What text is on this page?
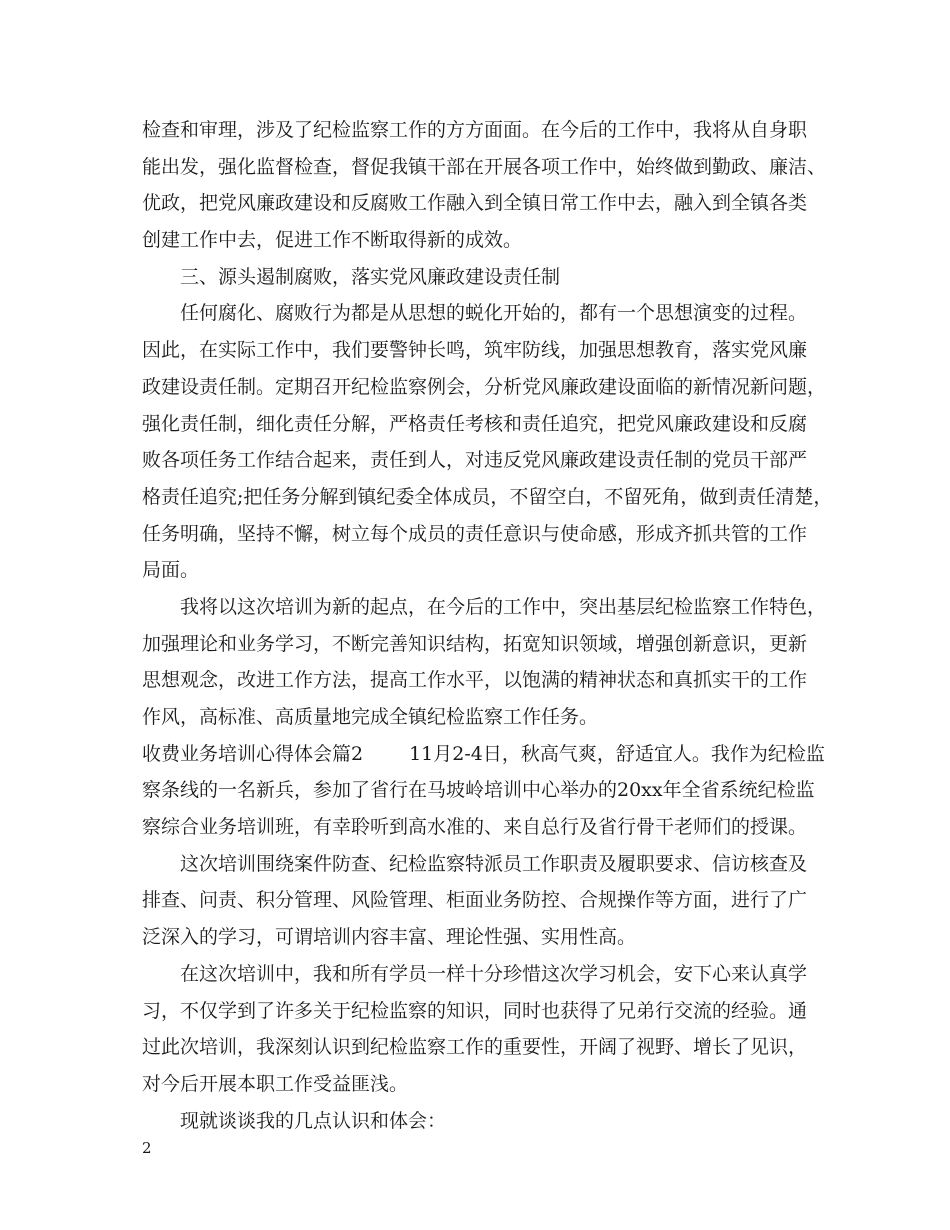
检查和审理，涉及了纪检监察工作的方方面面。在今后的工作中，我将从自身职
能出发，强化监督检查，督促我镇干部在开展各项工作中，始终做到勤政、廉洁、
优政，把党风廉政建设和反腐败工作融入到全镇日常工作中去，融入到全镇各类
创建工作中去，促进工作不断取得新的成效。
三、源头遏制腐败，落实党风廉政建设责任制
任何腐化、腐败行为都是从思想的蜕化开始的，都有一个思想演变的过程。
因此，在实际工作中，我们要警钟长鸣，筑牢防线，加强思想教育，落实党风廉
政建设责任制。定期召开纪检监察例会，分析党风廉政建设面临的新情况新问题，
强化责任制，细化责任分解，严格责任考核和责任追究，把党风廉政建设和反腐
败各项任务工作结合起来，责任到人，对违反党风廉政建设责任制的党员干部严
格责任追究;把任务分解到镇纪委全体成员，不留空白，不留死角，做到责任清楚，
任务明确，坚持不懈，树立每个成员的责任意识与使命感，形成齐抓共管的工作
局面。
我将以这次培训为新的起点，在今后的工作中，突出基层纪检监察工作特色，
加强理论和业务学习，不断完善知识结构，拓宽知识领域，增强创新意识，更新
思想观念，改进工作方法，提高工作水平，以饱满的精神状态和真抓实干的工作
作风，高标准、高质量地完成全镇纪检监察工作任务。
收费业务培训心得体会篇2 11月2-4日，秋高气爽，舒适宜人。我作为纪检监
察条线的一名新兵，参加了省行在马坡岭培训中心举办的20xx年全省系统纪检监
察综合业务培训班，有幸聆听到高水准的、来自总行及省行骨干老师们的授课。
这次培训围绕案件防查、纪检监察特派员工作职责及履职要求、信访核查及
排查、问责、积分管理、风险管理、柜面业务防控、合规操作等方面，进行了广
泛深入的学习，可谓培训内容丰富、理论性强、实用性高。
在这次培训中，我和所有学员一样十分珍惜这次学习机会，安下心来认真学
习，不仅学到了许多关于纪检监察的知识，同时也获得了兄弟行交流的经验。通
过此次培训，我深刻认识到纪检监察工作的重要性，开阔了视野、增长了见识，
对今后开展本职工作受益匪浅。
现就谈谈我的几点认识和体会：
2
